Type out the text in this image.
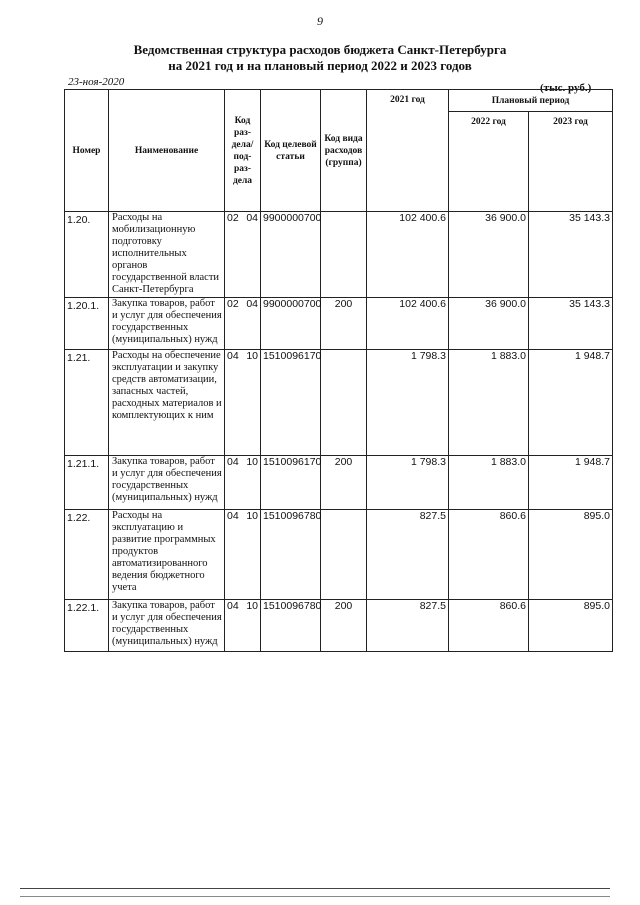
9
Ведомственная структура расходов бюджета Санкт-Петербурга
на 2021 год и на плановый период 2022 и 2023 годов
23-ноя-2020	(тыс. руб.)
Номер	Наименование	Код раз-дела/ под-раз-дела	Код целевой статьи	Код вида расходов (группа)	2021 год	Плановый период	
						2022 год	2023 год
1.20.	Расходы на мобилизационную подготовку исполнительных органов государственной власти Санкт-Петербурга	02 04	9900000700		102 400.6	36 900.0	35 143.3
1.20.1.	Закупка товаров, работ и услуг для обеспечения государственных (муниципальных) нужд	02 04	9900000700	200	102 400.6	36 900.0	35 143.3
1.21.	Расходы на обеспечение эксплуатации и закупку средств автоматизации, запасных частей, расходных материалов и комплектующих к ним	04 10	1510096170		1 798.3	1 883.0	1 948.7
1.21.1.	Закупка товаров, работ и услуг для обеспечения государственных (муниципальных) нужд	04 10	1510096170	200	1 798.3	1 883.0	1 948.7
1.22.	Расходы на эксплуатацию и развитие программных продуктов автоматизированного ведения бюджетного учета	04 10	1510096780		827.5	860.6	895.0
1.22.1.	Закупка товаров, работ и услуг для обеспечения государственных (муниципальных) нужд	04 10	1510096780	200	827.5	860.6	895.0
